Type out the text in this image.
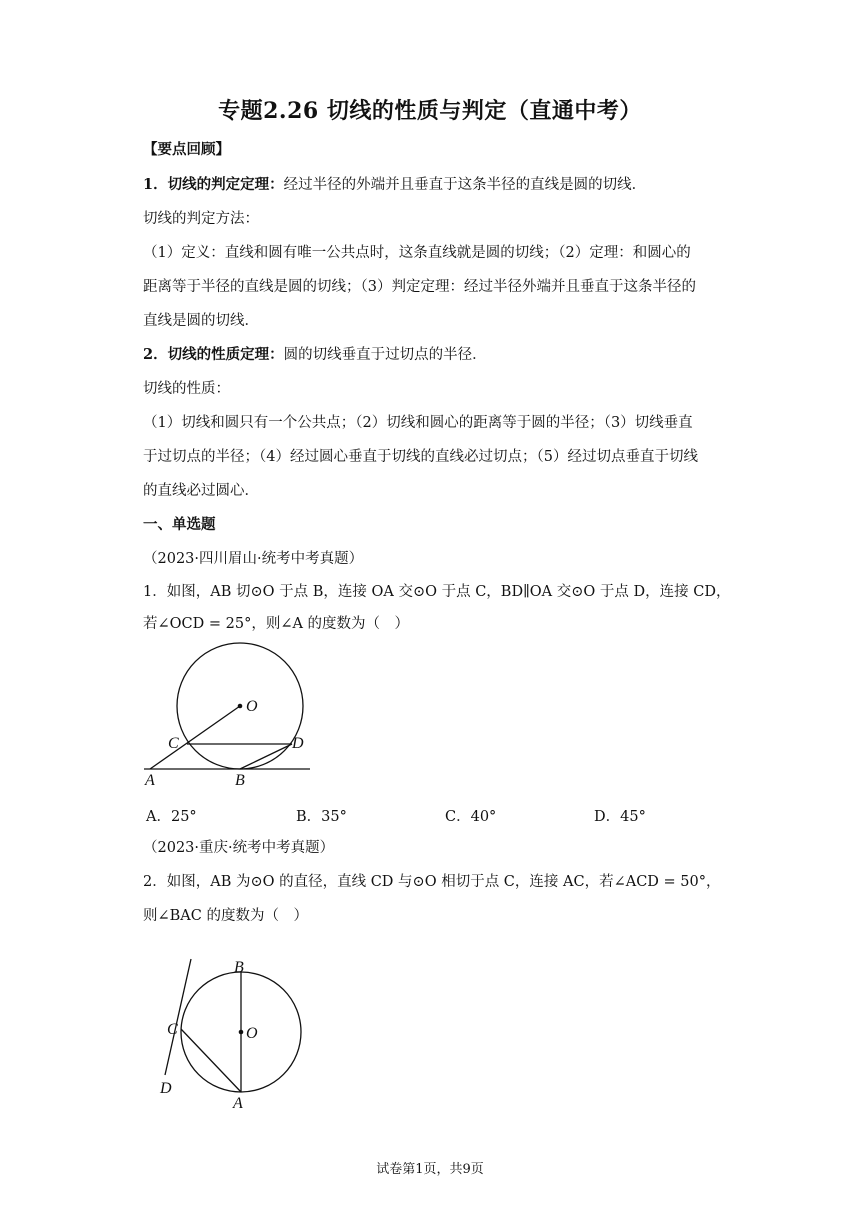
专题2.26 切线的性质与判定（直通中考）
【要点回顾】
1．切线的判定定理：经过半径的外端并且垂直于这条半径的直线是圆的切线．
切线的判定方法：
（1）定义：直线和圆有唯一公共点时，这条直线就是圆的切线；（2）定理：和圆心的
距离等于半径的直线是圆的切线；（3）判定定理：经过半径外端并且垂直于这条半径的
直线是圆的切线．
2．切线的性质定理：圆的切线垂直于过切点的半径．
切线的性质：
（1）切线和圆只有一个公共点；（2）切线和圆心的距离等于圆的半径；（3）切线垂直
于过切点的半径；（4）经过圆心垂直于切线的直线必过切点；（5）经过切点垂直于切线
的直线必过圆心．
一、单选题
（2023·四川眉山·统考中考真题）
1．如图，AB 切⊙O 于点 B，连接 OA 交⊙O 于点 C，BD∥OA 交⊙O 于点 D，连接 CD，
若∠OCD = 25°，则∠A 的度数为（　）
O
C	D
A	B
A．25°	B．35°	C．40°	D．45°
（2023·重庆·统考中考真题）
2．如图，AB 为⊙O 的直径，直线 CD 与⊙O 相切于点 C，连接 AC，若∠ACD = 50°，
则∠BAC 的度数为（　）
B
C	O
D
A
试卷第1页，共9页
